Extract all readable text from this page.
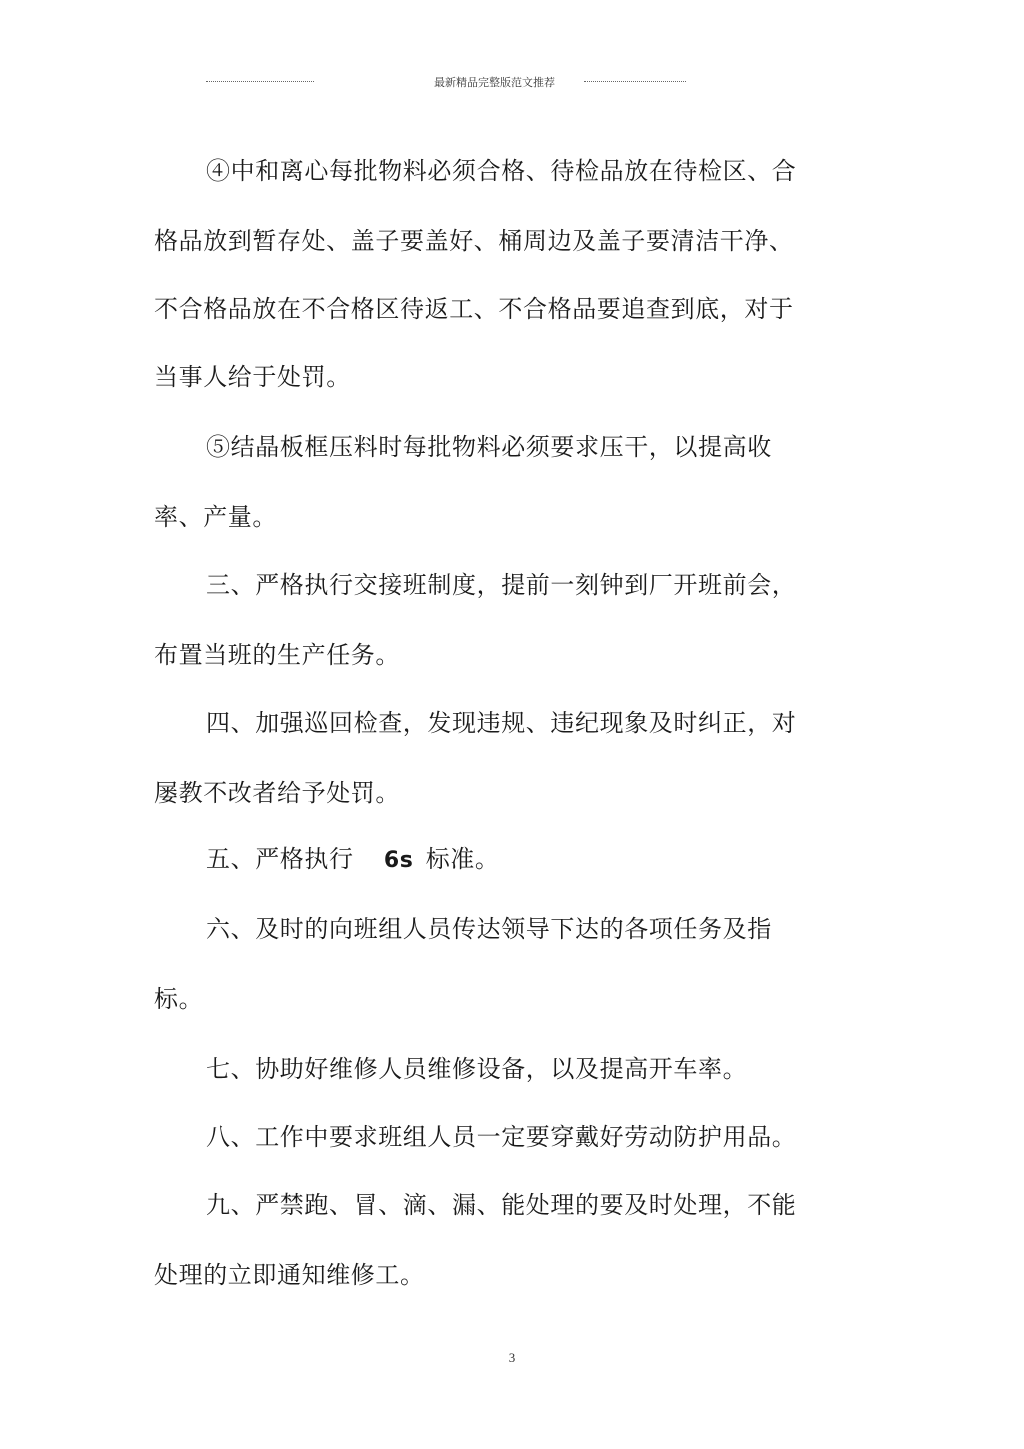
最新精品完整版范文推荐
④中和离心每批物料必须合格、待检品放在待检区、合
格品放到暂存处、盖子要盖好、桶周边及盖子要清洁干净、
不合格品放在不合格区待返工、不合格品要追查到底，对于
当事人给于处罚。
⑤结晶板框压料时每批物料必须要求压干，以提高收
率、产量。
三、严格执行交接班制度，提前一刻钟到厂开班前会，
布置当班的生产任务。
四、加强巡回检查，发现违规、违纪现象及时纠正，对
屡教不改者给予处罚。
五、严格执行 6s 标准。
六、及时的向班组人员传达领导下达的各项任务及指
标。
七、协助好维修人员维修设备，以及提高开车率。
八、工作中要求班组人员一定要穿戴好劳动防护用品。
九、严禁跑、冒、滴、漏、能处理的要及时处理，不能
处理的立即通知维修工。
3
